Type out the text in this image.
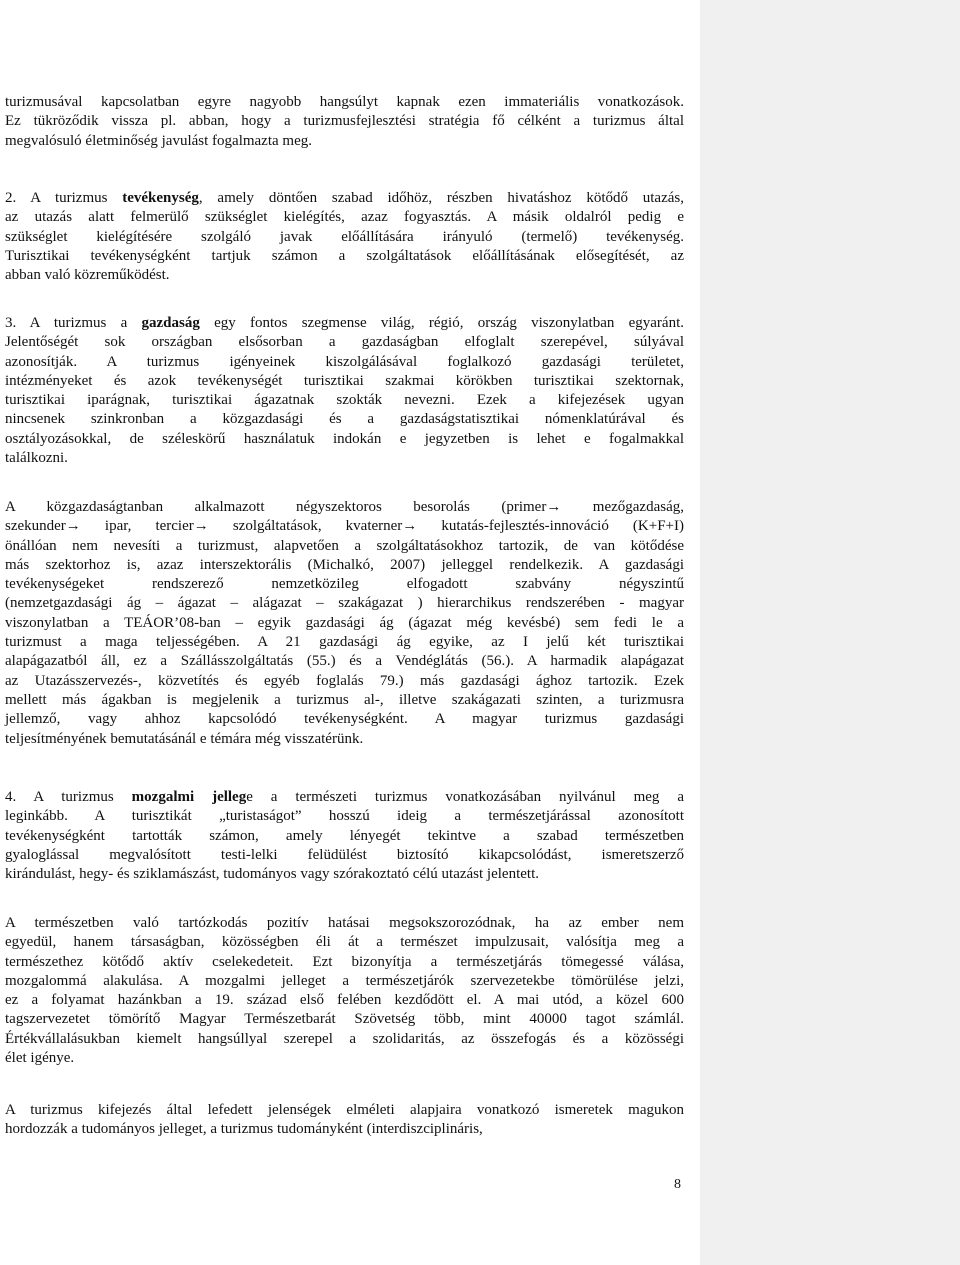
turizmusával kapcsolatban egyre nagyobb hangsúlyt kapnak ezen immateriális vonatkozások.
Ez tükröződik vissza pl. abban, hogy a turizmusfejlesztési stratégia fő célként a turizmus által
megvalósuló életminőség javulást fogalmazta meg.
2. A turizmus tevékenység, amely döntően szabad időhöz, részben hivatáshoz kötődő utazás,
az utazás alatt felmerülő szükséglet kielégítés, azaz fogyasztás. A másik oldalról pedig e
szükséglet kielégítésére szolgáló javak előállítására irányuló (termelő) tevékenység.
Turisztikai tevékenységként tartjuk számon a szolgáltatások előállításának elősegítését, az
abban való közreműködést.
3. A turizmus a gazdaság egy fontos szegmense világ, régió, ország viszonylatban egyaránt.
Jelentőségét sok országban elsősorban a gazdaságban elfoglalt szerepével, súlyával
azonosítják. A turizmus igényeinek kiszolgálásával foglalkozó gazdasági területet,
intézményeket és azok tevékenységét turisztikai szakmai körökben turisztikai szektornak,
turisztikai iparágnak, turisztikai ágazatnak szokták nevezni. Ezek a kifejezések ugyan
nincsenek szinkronban a közgazdasági és a gazdaságstatisztikai nómenklatúrával és
osztályozásokkal, de széleskörű használatuk indokán e jegyzetben is lehet e fogalmakkal
találkozni.
A közgazdaságtanban alkalmazott négyszektoros besorolás (primer→ mezőgazdaság,
szekunder→ ipar, tercier→ szolgáltatások, kvaterner→ kutatás-fejlesztés-innováció (K+F+I)
önállóan nem nevesíti a turizmust, alapvetően a szolgáltatásokhoz tartozik, de van kötődése
más szektorhoz is, azaz interszektorális (Michalkó, 2007) jelleggel rendelkezik. A gazdasági
tevékenységeket rendszerező nemzetközileg elfogadott szabvány négyszintű
(nemzetgazdasági ág – ágazat – alágazat – szakágazat ) hierarchikus rendszerében - magyar
viszonylatban a TEÁOR’08-ban – egyik gazdasági ág (ágazat még kevésbé) sem fedi le a
turizmust a maga teljességében. A 21 gazdasági ág egyike, az I jelű két turisztikai
alapágazatból áll, ez a Szállásszolgáltatás (55.) és a Vendéglátás (56.). A harmadik alapágazat
az Utazásszervezés-, közvetítés és egyéb foglalás 79.) más gazdasági ághoz tartozik. Ezek
mellett más ágakban is megjelenik a turizmus al-, illetve szakágazati szinten, a turizmusra
jellemző, vagy ahhoz kapcsolódó tevékenységként. A magyar turizmus gazdasági
teljesítményének bemutatásánál e témára még visszatérünk.
4. A turizmus mozgalmi jellege a természeti turizmus vonatkozásában nyilvánul meg a
leginkább. A turisztikát „turistaságot” hosszú ideig a természetjárással azonosított
tevékenységként tartották számon, amely lényegét tekintve a szabad természetben
gyaloglással megvalósított testi-lelki felüdülést biztosító kikapcsolódást, ismeretszerző
kirándulást, hegy- és sziklamászást, tudományos vagy szórakoztató célú utazást jelentett.
A természetben való tartózkodás pozitív hatásai megsokszorozódnak, ha az ember nem
egyedül, hanem társaságban, közösségben éli át a természet impulzusait, valósítja meg a
természethez kötődő aktív cselekedeteit. Ezt bizonyítja a természetjárás tömegessé válása,
mozgalommá alakulása. A mozgalmi jelleget a természetjárók szervezetekbe tömörülése jelzi,
ez a folyamat hazánkban a 19. század első felében kezdődött el. A mai utód, a közel 600
tagszervezetet tömörítő Magyar Természetbarát Szövetség több, mint 40000 tagot számlál.
Értékvállalásukban kiemelt hangsúllyal szerepel a szolidaritás, az összefogás és a közösségi
élet igénye.
A turizmus kifejezés által lefedett jelenségek elméleti alapjaira vonatkozó ismeretek magukon
hordozzák a tudományos jelleget, a turizmus tudományként (interdiszciplináris,
8
